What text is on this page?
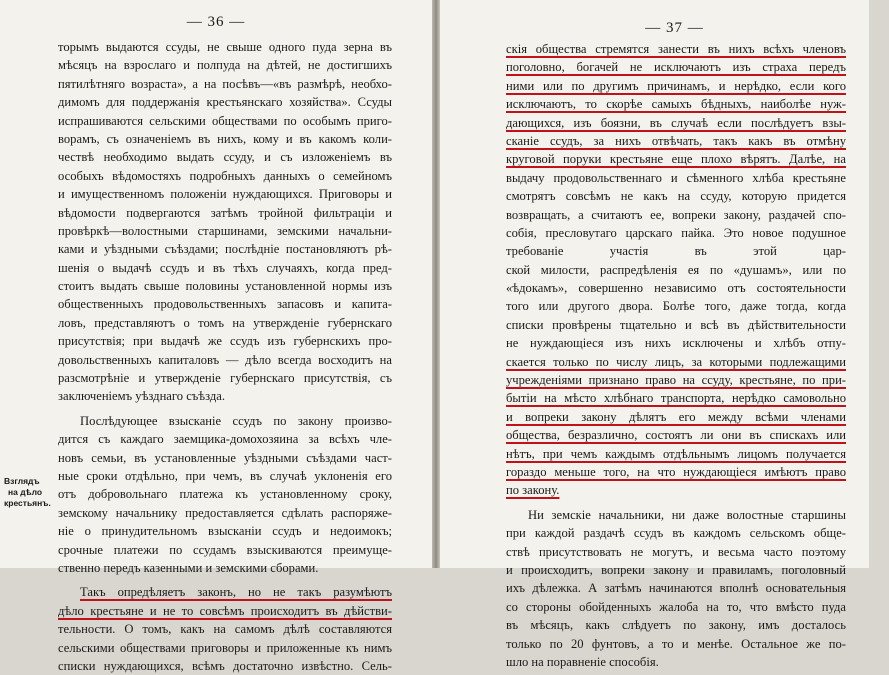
— 36 —
Взглядъ
на дѣло
крестьянъ.
торымъ выдаются ссуды, не свыше одного пуда зерна въ
мѣсяцъ на взрослаго и полпуда на дѣтей, не достигшихъ
пятилѣтняго возраста», а на посѣвъ—«въ размѣрѣ, необхо-
димомъ для поддержанія крестьянскаго хозяйства». Ссуды
испрашиваются сельскими обществами по особымъ приго-
ворамъ, съ означеніемъ въ нихъ, кому и въ какомъ коли-
чествѣ необходимо выдать ссуду, и съ изложеніемъ въ
особыхъ вѣдомостяхъ подробныхъ данныхъ о семейномъ
и имущественномъ положеніи нуждающихся. Приговоры и
вѣдомости подвергаются затѣмъ тройной фильтраціи и
провѣркѣ—волостными старшинами, земскими начальни-
ками и уѣздными съѣздами; послѣдніе постановляютъ рѣ-
шенія о выдачѣ ссудъ и въ тѣхъ случаяхъ, когда пред-
стоитъ выдать свыше половины установленной нормы изъ
общественныхъ продовольственныхъ запасовъ и капита-
ловъ, представляютъ о томъ на утвержденіе губернскаго
присутствія; при выдачѣ же ссудъ изъ губернскихъ про-
довольственныхъ капиталовъ — дѣло всегда восходитъ на
разсмотрѣніе и утвержденіе губернскаго присутствія, съ
заключеніемъ уѣзднаго съѣзда.
Послѣдующее взысканіе ссудъ по закону произво-
дится съ каждаго заемщика-домохозяина за всѣхъ чле-
новъ семьи, въ установленные уѣздными съѣздами част-
ные сроки отдѣльно, при чемъ, въ случаѣ уклоненія его
отъ добровольнаго платежа къ установленному сроку,
земскому начальнику предоставляется сдѣлать распоряже-
ніе о принудительномъ взысканіи ссудъ и недоимокъ;
срочные платежи по ссудамъ взыскиваются преимуще-
ственно передъ казенными и земскими сборами.
Такъ опредѣляетъ законъ, но не такъ разумѣютъ
дѣло крестьяне и не то совсѣмъ происходитъ въ дѣйстви-
тельности. О томъ, какъ на самомъ дѣлѣ составляются
сельскими обществами приговоры и приложенные къ нимъ
списки нуждающихся, всѣмъ достаточно извѣстно. Сель-
— 37 —
скія общества стремятся занести въ нихъ всѣхъ членовъ
поголовно, богачей не исключаютъ изъ страха передъ
ними или по другимъ причинамъ, и нерѣдко, если кого
исключаютъ, то скорѣе самыхъ бѣдныхъ, наиболѣе нуж-
дающихся, изъ боязни, въ случаѣ если послѣдуетъ взы-
сканіе ссудъ, за нихъ отвѣчать, такъ какъ въ отмѣну
круговой поруки крестьяне еще плохо вѣрятъ. Далѣе, на
выдачу продовольственнаго и сѣменного хлѣба крестьяне
смотрятъ совсѣмъ не какъ на ссуду, которую придется
возвращать, а считаютъ ее, вопреки закону, раздачей спо-
собія, пресловутаго царскаго пайка. Это новое подушное
требованіе участія въ этой цар-
ской милости, распредѣленія ея по «душамъ», или по
«ѣдокамъ», совершенно независимо отъ состоятельности
того или другого двора. Болѣе того, даже тогда, когда
списки провѣрены тщательно и всѣ въ дѣйствительности
не нуждающіеся изъ нихъ исключены и хлѣбъ отпу-
скается только по числу лицъ, за которыми подлежащими
учрежденіями признано право на ссуду, крестьяне, по при-
бытіи на мѣсто хлѣбнаго транспорта, нерѣдко самовольно
и вопреки закону дѣлятъ его между всѣми членами
общества, безразлично, состоятъ ли они въ спискахъ или
нѣтъ, при чемъ каждымъ отдѣльнымъ лицомъ получается
гораздо меньше того, на что нуждающіеся имѣютъ право
по закону.
Ни земскіе начальники, ни даже волостные старшины
при каждой раздачѣ ссудъ въ каждомъ сельскомъ обще-
ствѣ присутствовать не могутъ, и весьма часто поэтому
и происходитъ, вопреки закону и правиламъ, поголовный
ихъ дѣлежка. А затѣмъ начинаются вполнѣ основательныя
со стороны обойденныхъ жалоба на то, что вмѣсто пуда
въ мѣсяцъ, какъ слѣдуетъ по закону, имъ досталось
только по 20 фунтовъ, а то и менѣе. Остальное же по-
шло на поравненіе способія.
